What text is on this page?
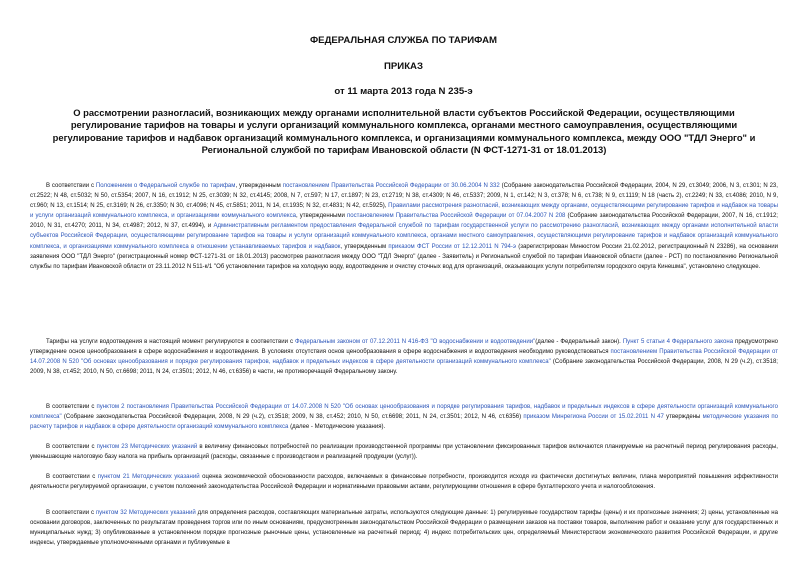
ФЕДЕРАЛЬНАЯ СЛУЖБА ПО ТАРИФАМ
ПРИКАЗ
от 11 марта 2013 года N 235-э
О рассмотрении разногласий, возникающих между органами исполнительной власти субъектов Российской Федерации, осуществляющими регулирование тарифов на товары и услуги организаций коммунального комплекса, органами местного самоуправления, осуществляющими регулирование тарифов и надбавок организаций коммунального комплекса, и организациями коммунального комплекса, между ООО "ТДЛ Энерго" и Региональной службой по тарифам Ивановской области (N ФСТ-1271-31 от 18.01.2013)
В соответствии с Положением о Федеральной службе по тарифам, утвержденным постановлением Правительства Российской Федерации от 30.06.2004 N 332 (Собрание законодательства Российской Федерации, 2004, N 29, ст.3049; 2006, N 3, ст.301; N 23, ст.2522; N 48, ст.5032; N 50, ст.5354; 2007, N 16, ст.1912; N 25, ст.3039; N 32, ст.4145; 2008, N 7, ст.597; N 17, ст.1897; N 23, ст.2719; N 38, ст.4309; N 46, ст.5337; 2009, N 1, ст.142; N 3, ст.378; N 6, ст.738; N 9, ст.1119; N 18 (часть 2), ст.2249; N 33, ст.4086; 2010, N 9, ст.960; N 13, ст.1514; N 25, ст.3169; N 26, ст.3350; N 30, ст.4096; N 45, ст.5851; 2011, N 14, ст.1935; N 32, ст.4831; N 42, ст.5925), Правилами рассмотрения разногласий, возникающих между органами, осуществляющими регулирование тарифов и надбавок на товары и услуги организаций коммунального комплекса, и организациями коммунального комплекса, утвержденными постановлением Правительства Российской Федерации от 07.04.2007 N 208 (Собрание законодательства Российской Федерации, 2007, N 16, ст.1912; 2010, N 31, ст.4270; 2011, N 34, ст.4987; 2012, N 37, ст.4994), и Административным регламентом предоставления Федеральной службой по тарифам государственной услуги по рассмотрению разногласий, возникающих между органами исполнительной власти субъектов Российской Федерации, осуществляющими регулирование тарифов на товары и услуги организаций коммунального комплекса, органами местного самоуправления, осуществляющими регулирование тарифов и надбавок организаций коммунального комплекса, и организациями коммунального комплекса в отношении устанавливаемых тарифов и надбавок, утвержденным приказом ФСТ России от 12.12.2011 N 794-э (зарегистрирован Минюстом России 21.02.2012, регистрационный N 23286), на основании заявления ООО "ТДЛ Энерго" (регистрационный номер ФСТ-1271-31 от 18.01.2013) рассмотрев разногласия между ООО "ТДЛ Энерго" (далее - Заявитель) и Региональной службой по тарифам Ивановской области (далее - РСТ) по постановлению Региональной службы по тарифам Ивановской области от 23.11.2012 N 511-к/1 "Об установлении тарифов на холодную воду, водоотведение и очистку сточных вод для организаций, оказывающих услуги потребителям городского округа Кинешма", установлено следующее.
Тарифы на услуги водоотведения в настоящий момент регулируются в соответствии с Федеральным законом от 07.12.2011 N 416-ФЗ "О водоснабжении и водоотведении"(далее - Федеральный закон). Пункт 5 статьи 4 Федерального закона предусмотрено утверждение основ ценообразования в сфере водоснабжения и водоотведения. В условиях отсутствия основ ценообразования в сфере водоснабжения и водоотведения необходимо руководствоваться постановлением Правительства Российской Федерации от 14.07.2008 N 520 "Об основах ценообразования и порядке регулирования тарифов, надбавок и предельных индексов в сфере деятельности организаций коммунального комплекса" (Собрание законодательства Российской Федерации, 2008, N 29 (ч.2), ст.3518; 2009, N 38, ст.452; 2010, N 50, ст.6698; 2011, N 24, ст.3501; 2012, N 46, ст.6356) в части, не противоречащей Федеральному закону.
В соответствии с пунктом 2 постановления Правительства Российской Федерации от 14.07.2008 N 520 "Об основах ценообразования и порядке регулирования тарифов, надбавок и предельных индексов в сфере деятельности организаций коммунального комплекса" (Собрание законодательства Российской Федерации, 2008, N 29 (ч.2), ст.3518; 2009, N 38, ст.452; 2010, N 50, ст.6698; 2011, N 24, ст.3501; 2012, N 46, ст.6356) приказом Минрегиона России от 15.02.2011 N 47 утверждены методические указания по расчету тарифов и надбавок в сфере деятельности организаций коммунального комплекса (далее - Методические указания).
В соответствии с пунктом 23 Методических указаний в величину финансовых потребностей по реализации производственной программы при установлении фиксированных тарифов включаются планируемые на расчетный период регулирования расходы, уменьшающие налоговую базу налога на прибыль организаций (расходы, связанные с производством и реализацией продукции (услуг)).
В соответствии с пунктом 21 Методических указаний оценка экономической обоснованности расходов, включаемых в финансовые потребности, производится исходя из фактически достигнутых величин, плана мероприятий повышения эффективности деятельности регулируемой организации, с учетом положений законодательства Российской Федерации и нормативными правовыми актами, регулирующими отношения в сфере бухгалтерского учета и налогообложения.
В соответствии с пунктом 32 Методических указаний для определения расходов, составляющих материальные затраты, используются следующие данные: 1) регулируемые государством тарифы (цены) и их прогнозные значения; 2) цены, установленные на основании договоров, заключенных по результатам проведения торгов или по иным основаниям, предусмотренным законодательством Российской Федерации о размещении заказов на поставки товаров, выполнение работ и оказание услуг для государственных и муниципальных нужд; 3) опубликованные в установленном порядке прогнозные рыночные цены, установленные на расчетный период; 4) индекс потребительских цен, определяемый Министерством экономического развития Российской Федерации, и другие индексы, утверждаемые уполномоченными органами и публикуемые в
